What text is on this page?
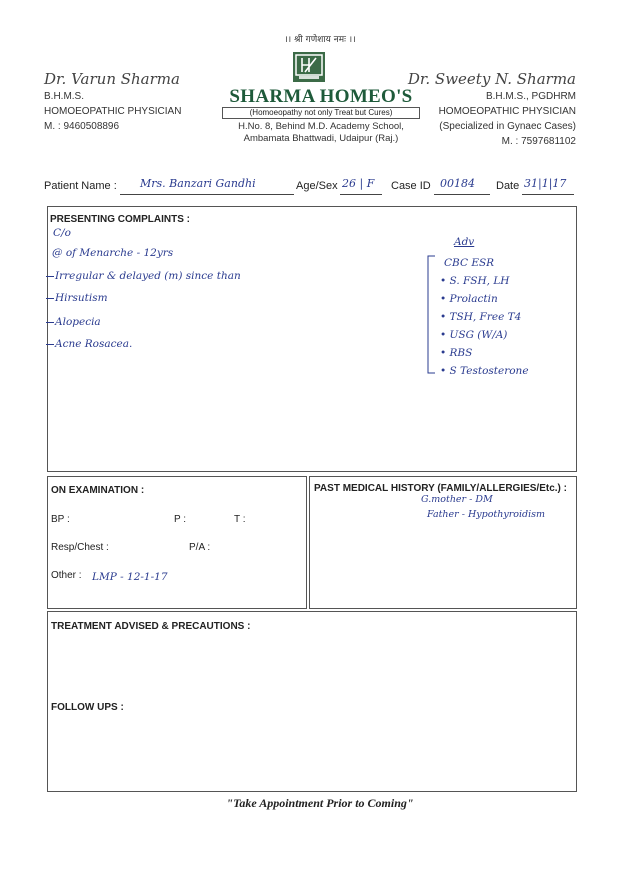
।। श्री गणेशाय नमः ।।
Dr. Varun Sharma
B.H.M.S.
HOMOEOPATHIC PHYSICIAN
M. : 9460508896
SHARMA HOMEO'S
(Homoeopathy not only Treat but Cures)
H.No. 8, Behind M.D. Academy School,
Ambamata Bhattwadi, Udaipur (Raj.)
Dr. Sweety N. Sharma
B.H.M.S., PGDHRM
HOMOEOPATHIC PHYSICIAN
(Specialized in Gynaec Cases)
M. : 7597681102
Patient Name : Mrs. Banzari Gandhi	Age/Sex 26 | F Case ID 00184 Date 31|1|17
PRESENTING COMPLAINTS :
C/o
@ of Menarche - 12yrs
Irregular & delayed (m) since than
Hirsutism
Alopecia
Acne Rosacea.
Adv
CBC ESR
• S. FSH, LH
• Prolactin
• TSH, Free T4
• USG (W/A)
• RBS
• S Testosterone
ON EXAMINATION :
BP :	P :	T :
Resp/Chest :	P/A :
Other : LMP - 12-1-17
PAST MEDICAL HISTORY (FAMILY/ALLERGIES/Etc.) :
G.mother - DM
Father - Hypothyroidism
TREATMENT ADVISED & PRECAUTIONS :
FOLLOW UPS :
"Take Appointment Prior to Coming"
